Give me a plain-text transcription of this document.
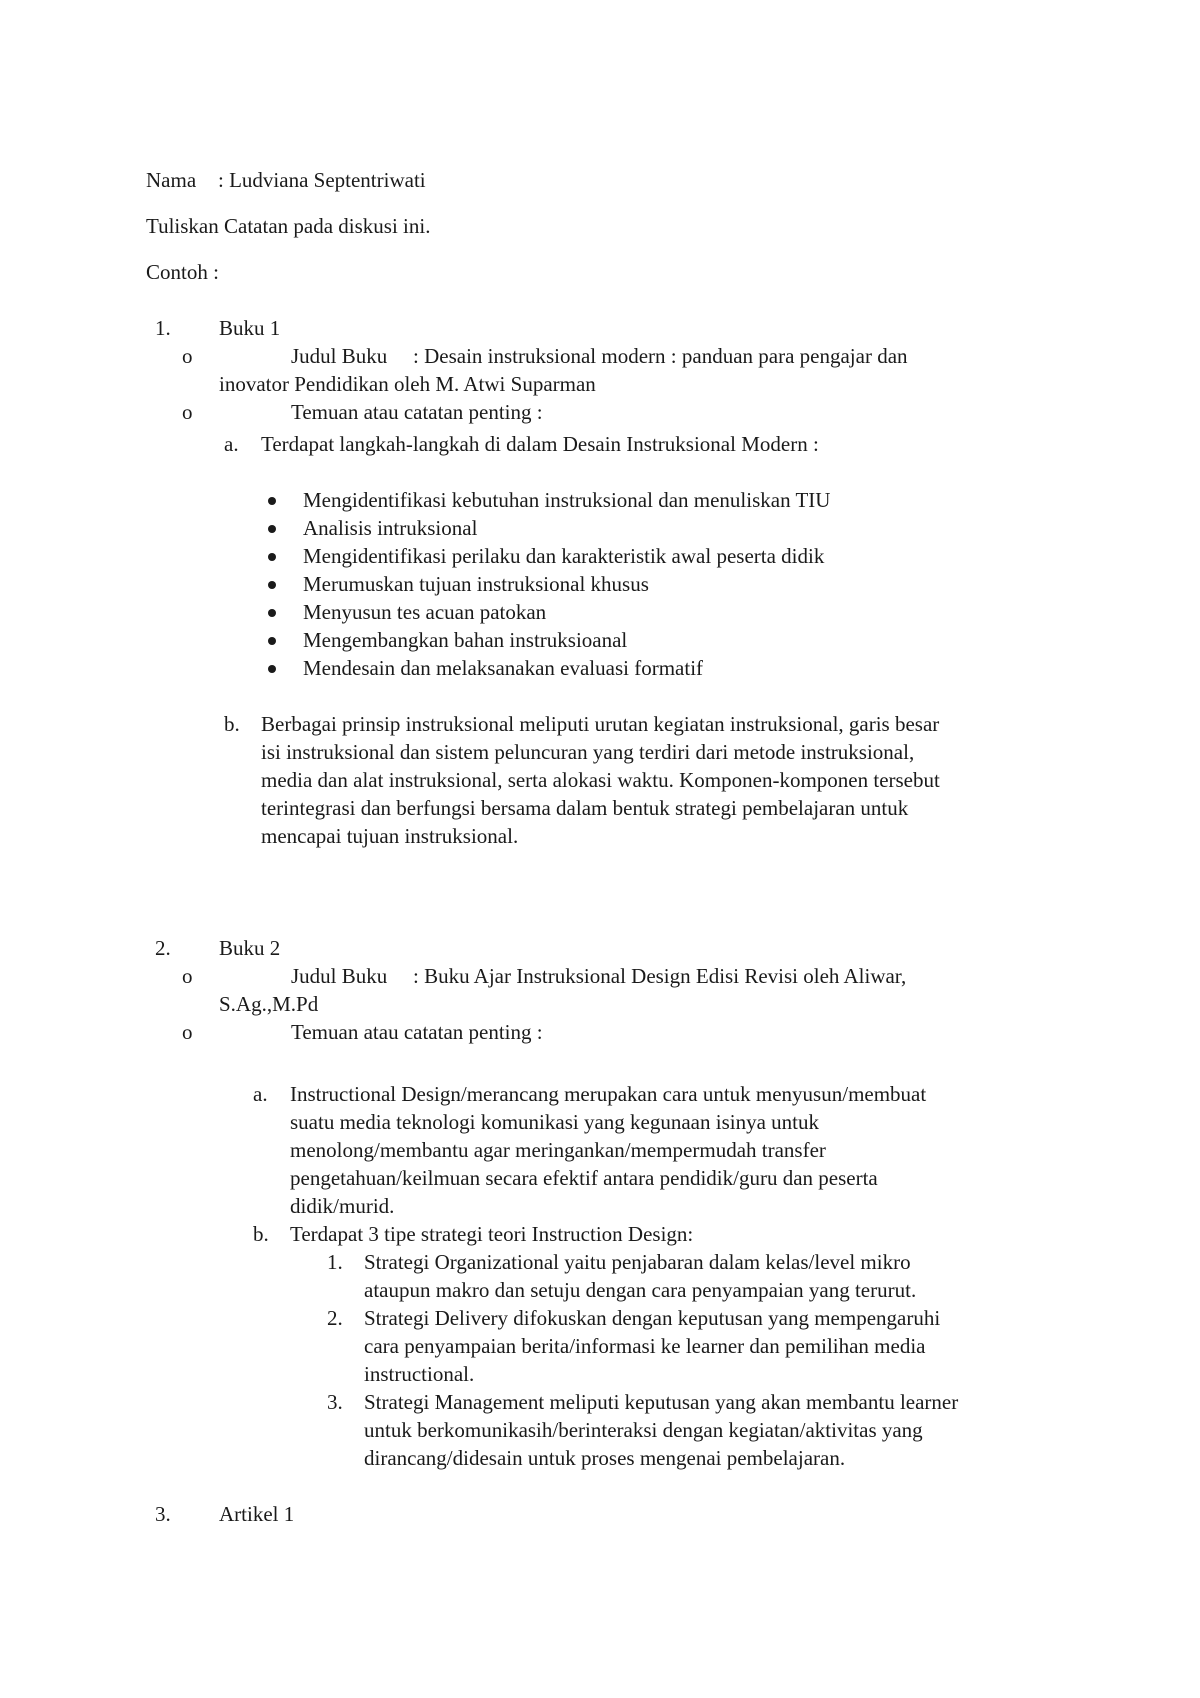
Nama : Ludviana Septentriwati
Tuliskan Catatan pada diskusi ini.
Contoh :
1. Buku 1
o	Judul Buku : Desain instruksional modern : panduan para pengajar dan
inovator Pendidikan oleh M. Atwi Suparman
o	Temuan atau catatan penting :
a. Terdapat langkah-langkah di dalam Desain Instruksional Modern :
Mengidentifikasi kebutuhan instruksional dan menuliskan TIU
Analisis intruksional
Mengidentifikasi perilaku dan karakteristik awal peserta didik
Merumuskan tujuan instruksional khusus
Menyusun tes acuan patokan
Mengembangkan bahan instruksioanal
Mendesain dan melaksanakan evaluasi formatif
b. Berbagai prinsip instruksional meliputi urutan kegiatan instruksional, garis besar
isi instruksional dan sistem peluncuran yang terdiri dari metode instruksional,
media dan alat instruksional, serta alokasi waktu. Komponen-komponen tersebut
terintegrasi dan berfungsi bersama dalam bentuk strategi pembelajaran untuk
mencapai tujuan instruksional.
2. Buku 2
o	Judul Buku : Buku Ajar Instruksional Design Edisi Revisi oleh Aliwar,
S.Ag.,M.Pd
o	Temuan atau catatan penting :
a. Instructional Design/merancang merupakan cara untuk menyusun/membuat
suatu media teknologi komunikasi yang kegunaan isinya untuk
menolong/membantu agar meringankan/mempermudah transfer
pengetahuan/keilmuan secara efektif antara pendidik/guru dan peserta
didik/murid.
b. Terdapat 3 tipe strategi teori Instruction Design:
1. Strategi Organizational yaitu penjabaran dalam kelas/level mikro
ataupun makro dan setuju dengan cara penyampaian yang terurut.
2. Strategi Delivery difokuskan dengan keputusan yang mempengaruhi
cara penyampaian berita/informasi ke learner dan pemilihan media
instructional.
3. Strategi Management meliputi keputusan yang akan membantu learner
untuk berkomunikasih/berinteraksi dengan kegiatan/aktivitas yang
dirancang/didesain untuk proses mengenai pembelajaran.
3. Artikel 1
